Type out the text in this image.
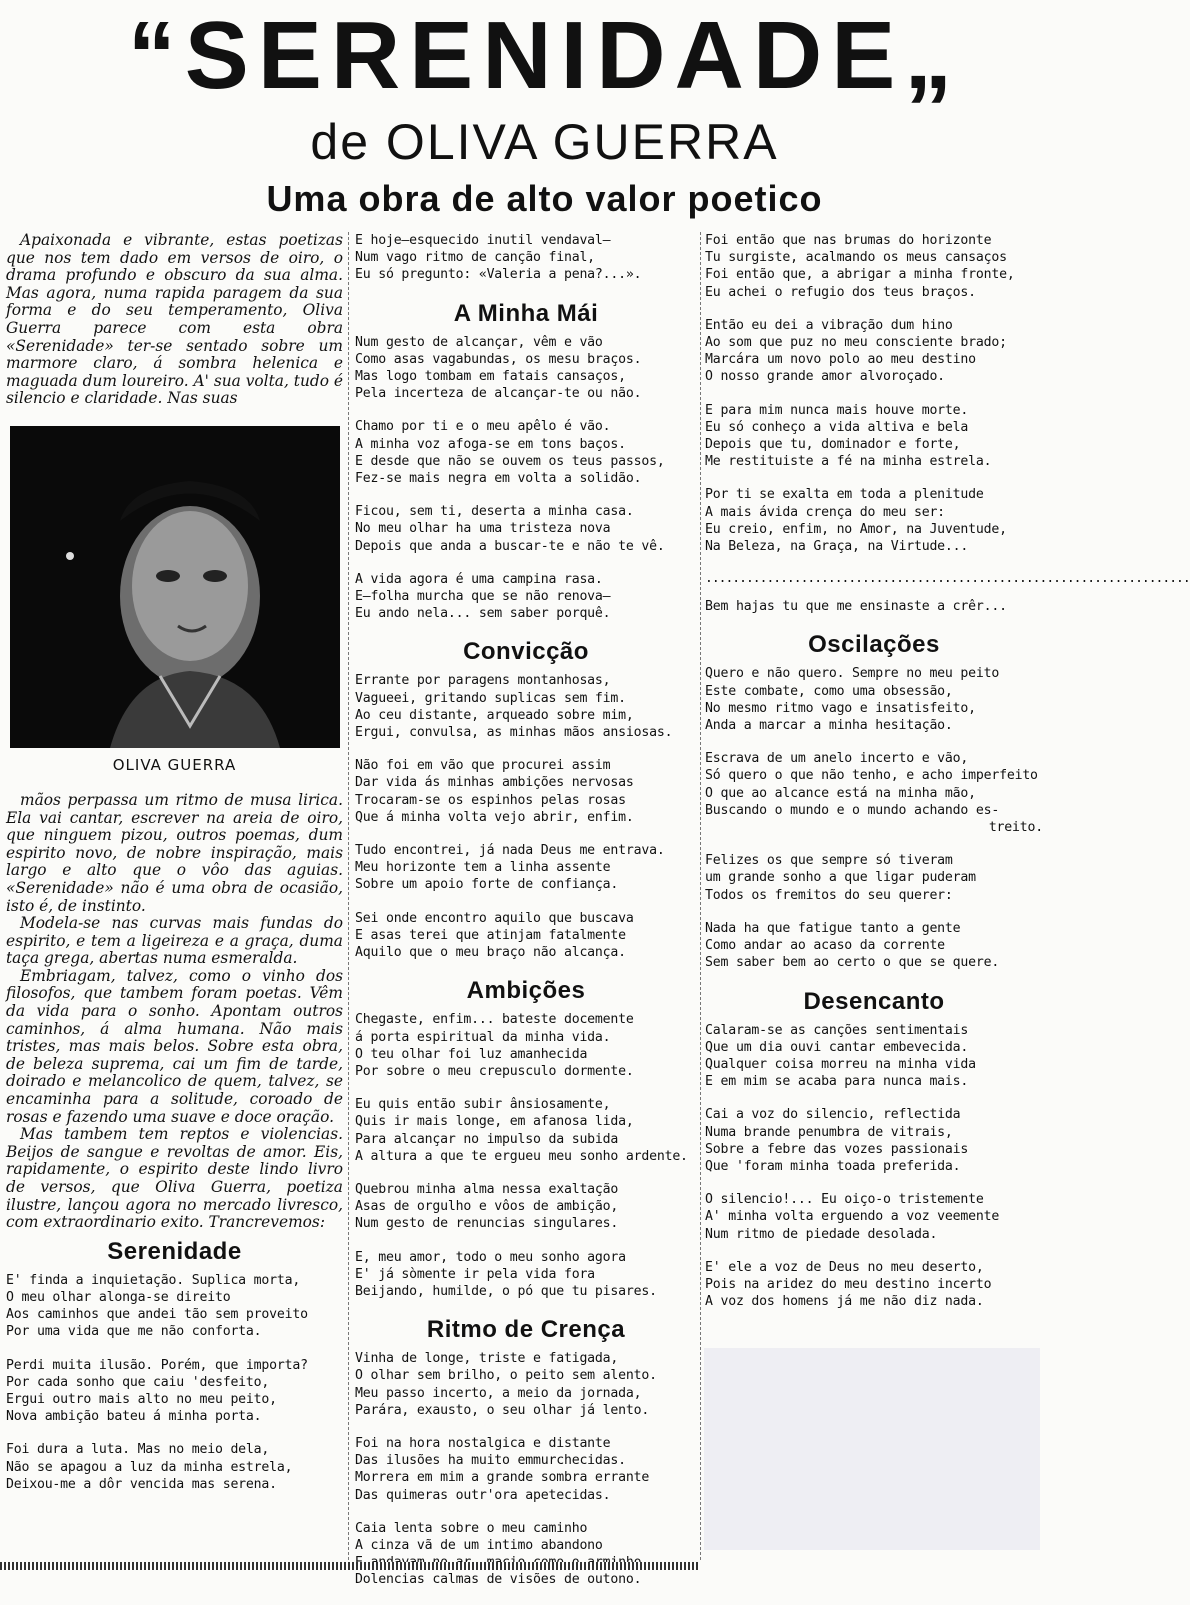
“SERENIDADE„
de OLIVA GUERRA
Uma obra de alto valor poetico

Apaixonada e vibrante, estas poetizas que nos tem dado em versos de oiro, o drama profundo e obscuro da sua alma. Mas agora, numa rapida paragem da sua forma e do seu temperamento, Oliva Guerra parece com esta obra «Serenidade» ter-se sentado sobre um marmore claro, á sombra helenica e maguada dum loureiro. A' sua volta, tudo é silencio e claridade. Nas suas

OLIVA GUERRA

mãos perpassa um ritmo de musa lirica. Ela vai cantar, escrever na areia de oiro, que ninguem pizou, outros poemas, dum espirito novo, de nobre inspiração, mais largo e alto que o vôo das aguias. «Serenidade» não é uma obra de ocasião, isto é, de instinto.

Modela-se nas curvas mais fundas do espirito, e tem a ligeireza e a graça, duma taça grega, abertas numa esmeralda.

Embriagam, talvez, como o vinho dos filosofos, que tambem foram poetas. Vêm da vida para o sonho. Apontam outros caminhos, á alma humana. Não mais tristes, mas mais belos. Sobre esta obra, de beleza suprema, cai um fim de tarde, doirado e melancolico de quem, talvez, se encaminha para a solitude, coroado de rosas e fazendo uma suave e doce oração.

Mas tambem tem reptos e violencias. Beijos de sangue e revoltas de amor. Eis, rapidamente, o espirito deste lindo livro de versos, que Oliva Guerra, poetiza ilustre, lançou agora no mercado livresco, com extraordinario exito. Trancrevemos:

Serenidade
E' finda a inquietação. Suplica morta,
O meu olhar alonga-se direito
Aos caminhos que andei tão sem proveito
Por uma vida que me não conforta.
Perdi muita ilusão. Porém, que importa?
Por cada sonho que caiu 'desfeito,
Ergui outro mais alto no meu peito,
Nova ambição bateu á minha porta.
Foi dura a luta. Mas no meio dela,
Não se apagou a luz da minha estrela,
Deixou-me a dôr vencida mas serena.
E hoje—esquecido inutil vendaval—
Num vago ritmo de canção final,
Eu só pregunto: «Valeria a pena?...».
A Minha Mái
Num gesto de alcançar, vêm e vão
Como asas vagabundas, os mesu braços.
Mas logo tombam em fatais cansaços,
Pela incerteza de alcançar-te ou não.
Chamo por ti e o meu apêlo é vão.
A minha voz afoga-se em tons baços.
E desde que não se ouvem os teus passos,
Fez-se mais negra em volta a solidão.
Ficou, sem ti, deserta a minha casa.
No meu olhar ha uma tristeza nova
Depois que anda a buscar-te e não te vê.
A vida agora é uma campina rasa.
E—folha murcha que se não renova—
Eu ando nela... sem saber porquê.
Convicção
Errante por paragens montanhosas,
Vagueei, gritando suplicas sem fim.
Ao ceu distante, arqueado sobre mim,
Ergui, convulsa, as minhas mãos ansiosas.
Não foi em vão que procurei assim
Dar vida ás minhas ambições nervosas
Trocaram-se os espinhos pelas rosas
Que á minha volta vejo abrir, enfim.
Tudo encontrei, já nada Deus me entrava.
Meu horizonte tem a linha assente
Sobre um apoio forte de confiança.
Sei onde encontro aquilo que buscava
E asas terei que atinjam fatalmente
Aquilo que o meu braço não alcança.
Ambições
Chegaste, enfim... bateste docemente
á porta espiritual da minha vida.
O teu olhar foi luz amanhecida
Por sobre o meu crepusculo dormente.
Eu quis então subir ânsiosamente,
Quis ir mais longe, em afanosa lida,
Para alcançar no impulso da subida
A altura a que te ergueu meu sonho ardente.
Quebrou minha alma nessa exaltação
Asas de orgulho e vôos de ambição,
Num gesto de renuncias singulares.
E, meu amor, todo o meu sonho agora
E' já sòmente ir pela vida fora
Beijando, humilde, o pó que tu pisares.
Ritmo de Crença
Vinha de longe, triste e fatigada,
O olhar sem brilho, o peito sem alento.
Meu passo incerto, a meio da jornada,
Parára, exausto, o seu olhar já lento.
Foi na hora nostalgica e distante
Das ilusões ha muito emmurchecidas.
Morrera em mim a grande sombra errante
Das quimeras outr'ora apetecidas.
Caia lenta sobre o meu caminho
A cinza vã de um intimo abandono
Dolencias calmas de visões de outono.
Foi então que nas brumas do horizonte
Tu surgiste, acalmando os meus cansaços
Foi então que, a abrigar a minha fronte,
Eu achei o refugio dos teus braços.
Então eu dei a vibração dum hino
Ao som que puz no meu consciente brado;
Marcára um novo polo ao meu destino
O nosso grande amor alvoroçado.
E para mim nunca mais houve morte.
Eu só conheço a vida altiva e bela
Depois que tu, dominador e forte,
Me restituiste a fé na minha estrela.
Por ti se exalta em toda a plenitude
A mais ávida crença do meu ser:
Eu creio, enfim, no Amor, na Juventude,
Na Beleza, na Graça, na Virtude...
.......................................................................
Bem hajas tu que me ensinaste a crêr...
Oscilações
Quero e não quero. Sempre no meu peito
Este combate, como uma obsessão,
No mesmo ritmo vago e insatisfeito,
Anda a marcar a minha hesitação.
Escrava de um anelo incerto e vão,
Só quero o que não tenho, e acho imperfeito
O que ao alcance está na minha mão,
Buscando o mundo e o mundo achando es-
treito.
Felizes os que sempre só tiveram
um grande sonho a que ligar puderam
Todos os fremitos do seu querer:
Nada ha que fatigue tanto a gente
Como andar ao acaso da corrente
Sem saber bem ao certo o que se quere.
Desencanto
Calaram-se as canções sentimentais
Que um dia ouvi cantar embevecida.
Qualquer coisa morreu na minha vida
E em mim se acaba para nunca mais.
Cai a voz do silencio, reflectida
Numa brande penumbra de vitrais,
Sobre a febre das vozes passionais
Que 'foram minha toada preferida.
O silencio!... Eu oiço-o tristemente
A' minha volta erguendo a voz veemente
Num ritmo de piedade desolada.
E' ele a voz de Deus no meu deserto,
Pois na aridez do meu destino incerto
A voz dos homens já me não diz nada.
